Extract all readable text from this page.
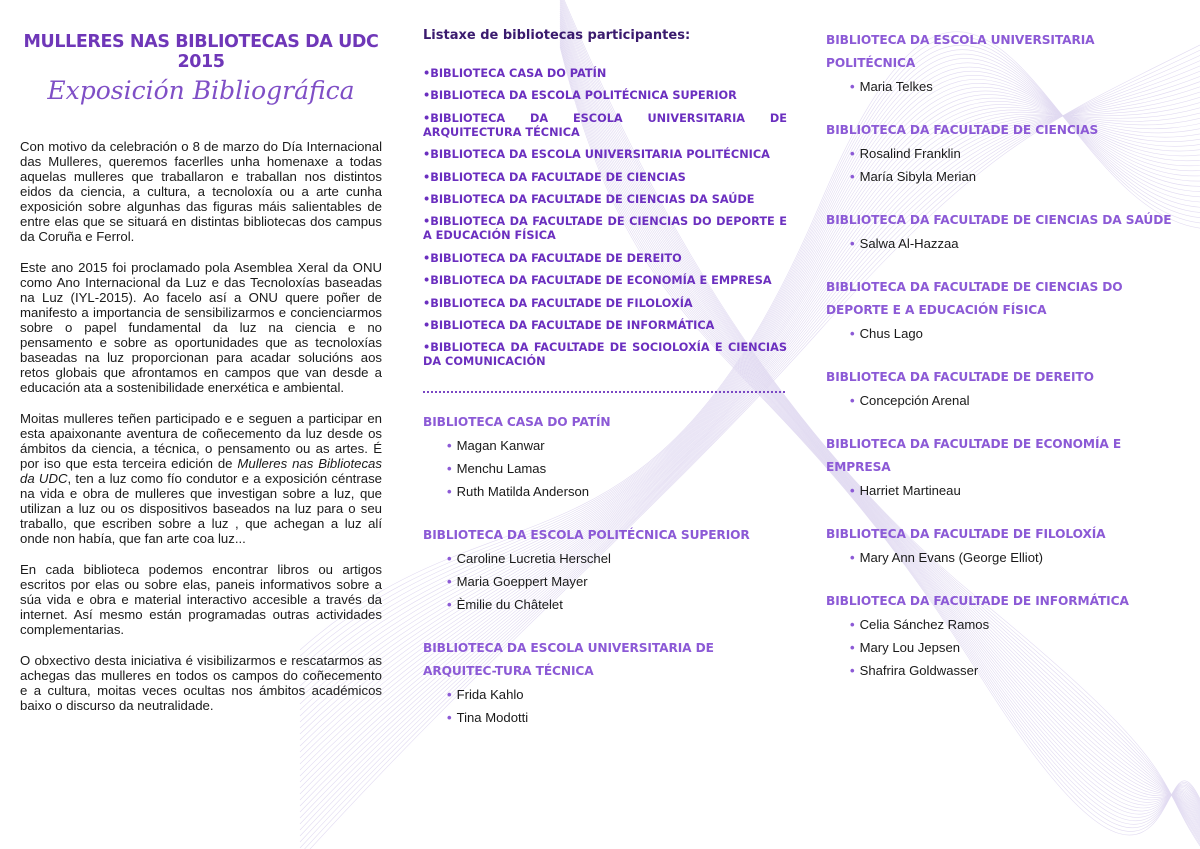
MULLERES NAS BIBLIOTECAS DA UDC 2015
Exposición Bibliográfica

Con motivo da celebración o 8 de marzo do Día Internacional das Mulleres, queremos facerlles unha homenaxe a todas aquelas mulleres que traballaron e traballan nos distintos eidos da ciencia, a cultura, a tecnoloxía ou a arte cunha exposición sobre algunhas das figuras máis salientables de entre elas que se situará en distintas bibliotecas dos campus da Coruña e Ferrol.

Este ano 2015 foi proclamado pola Asemblea Xeral da ONU como Ano Internacional da Luz e das Tecnoloxías baseadas na Luz (IYL-2015). Ao facelo así a ONU quere poñer de manifesto a importancia de sensibilizarmos e concienciarmos sobre o papel fundamental da luz na ciencia e no pensamento e sobre as oportunidades que as tecnoloxías baseadas na luz proporcionan para acadar solucións aos retos globais que afrontamos en campos que van desde a educación ata a sostenibilidade enerxética e ambiental.

Moitas mulleres teñen participado e e seguen a participar en esta apaixonante aventura de coñecemento da luz desde os ámbitos da ciencia, a técnica, o pensamento ou as artes. É por iso que esta terceira edición de Mulleres nas Bibliotecas da UDC, ten a luz como fío condutor e a exposición céntrase na vida e obra de mulleres que investigan sobre a luz, que utilizan a luz ou os dispositivos baseados na luz para o seu traballo, que escriben sobre a luz , que achegan a luz alí onde non había, que fan arte coa luz...

En cada biblioteca podemos encontrar libros ou artigos escritos por elas ou sobre elas, paneis informativos sobre a súa vida e obra e material interactivo accesible a través da internet. Así mesmo están programadas outras actividades complementarias.

O obxectivo desta iniciativa é visibilizarmos e rescatarmos as achegas das mulleres en todos os campos do coñecemento e a cultura, moitas veces ocultas nos ámbitos académicos baixo o discurso da neutralidade.

Listaxe de bibliotecas participantes:
•BIBLIOTECA CASA DO PATÍN
•BIBLIOTECA DA ESCOLA POLITÉCNICA SUPERIOR
•BIBLIOTECA DA ESCOLA UNIVERSITARIA DE ARQUITECTURA TÉCNICA
•BIBLIOTECA DA ESCOLA UNIVERSITARIA POLITÉCNICA
•BIBLIOTECA DA FACULTADE DE CIENCIAS
•BIBLIOTECA DA FACULTADE DE CIENCIAS DA SAÚDE
•BIBLIOTECA DA FACULTADE DE CIENCIAS DO DEPORTE E A EDUCACIÓN FÍSICA
•BIBLIOTECA DA FACULTADE DE DEREITO
•BIBLIOTECA DA FACULTADE DE ECONOMÍA E EMPRESA
•BIBLIOTECA DA FACULTADE DE FILOLOXÍA
•BIBLIOTECA DA FACULTADE DE INFORMÁTICA
•BIBLIOTECA DA FACULTADE DE SOCIOLOXÍA E CIENCIAS DA COMUNICACIÓN
BIBLIOTECA CASA DO PATÍN
• Magan Kanwar
• Menchu Lamas
• Ruth Matilda Anderson
BIBLIOTECA DA ESCOLA POLITÉCNICA SUPERIOR
• Caroline Lucretia Herschel
• Maria Goeppert Mayer
• Èmilie du Châtelet
BIBLIOTECA DA ESCOLA UNIVERSITARIA DE ARQUITEC-TURA TÉCNICA
• Frida Kahlo
• Tina Modotti
BIBLIOTECA DA ESCOLA UNIVERSITARIA POLITÉCNICA
• Maria Telkes
BIBLIOTECA DA FACULTADE DE CIENCIAS
• Rosalind Franklin
• María Sibyla Merian
BIBLIOTECA DA FACULTADE DE CIENCIAS DA SAÚDE
• Salwa Al-Hazzaa
BIBLIOTECA DA FACULTADE DE CIENCIAS DO DEPORTE E A EDUCACIÓN FÍSICA
• Chus Lago
BIBLIOTECA DA FACULTADE DE DEREITO
• Concepción Arenal
BIBLIOTECA DA FACULTADE DE ECONOMÍA E EMPRESA
• Harriet Martineau
BIBLIOTECA DA FACULTADE DE FILOLOXÍA
• Mary Ann Evans (George Elliot)
BIBLIOTECA DA FACULTADE DE INFORMÁTICA
• Celia Sánchez Ramos
• Mary Lou Jepsen
• Shafrira Goldwasser
